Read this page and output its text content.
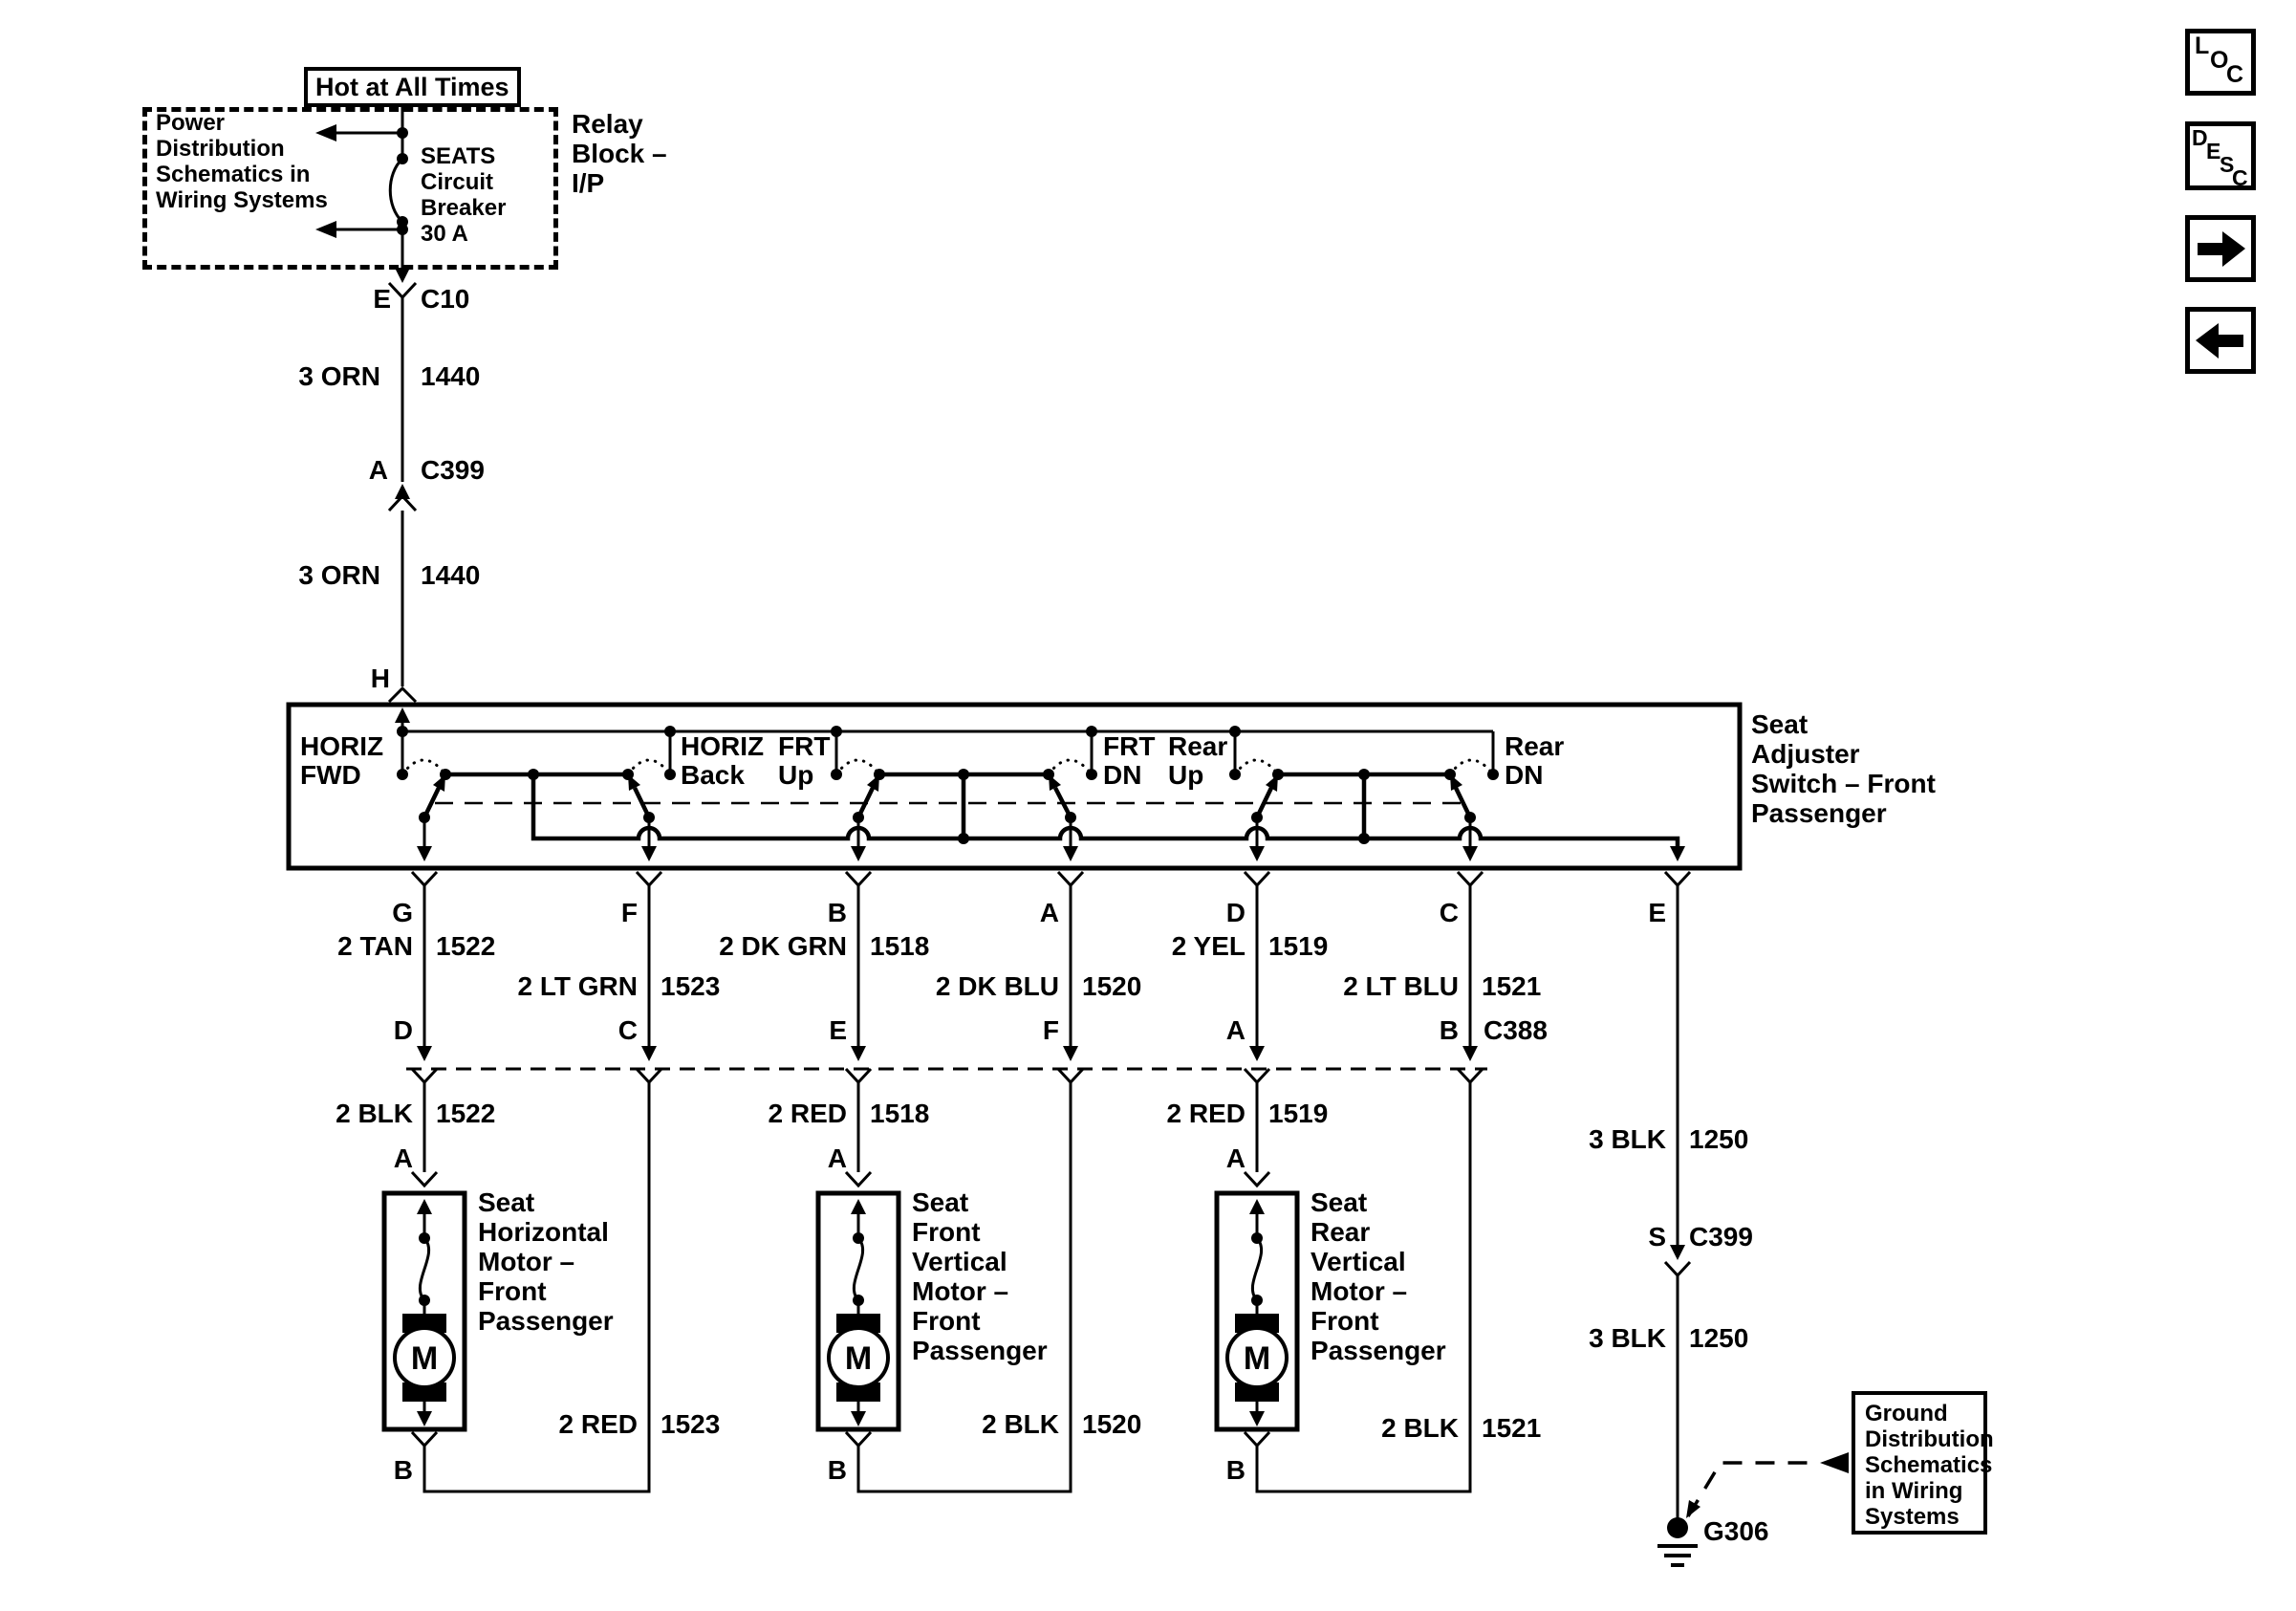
M	M	M
Hot at All Times
Power
Distribution
Schematics in
Wiring Systems
Relay
Block –
I/P
SEATS
Circuit
Breaker
30 A
E C10
3 ORN 1440
A C399
3 ORN 1440
H
HORIZ
FWD
HORIZ
Back
FRT
Up
FRT
DN
Rear
Up
Rear
DN
Seat
Adjuster
Switch – Front
Passenger
G	F	B	A	D	C	E
2 TAN 1522	2 DK GRN 1518	2 YEL 1519
2 LT GRN 1523	2 DK BLU 1520	2 LT BLU 1521
D	C	E	F	A	B C388
2 BLK 1522	2 RED 1518	2 RED 1519
A	A	A
Seat
Horizontal
Motor –
Front
Passenger
Seat
Front
Vertical
Motor –
Front
Passenger
Seat
Rear
Vertical
Motor –
Front
Passenger
B	B	B
2 RED 1523	2 BLK 1520	2 BLK 1521
3 BLK 1250
S C399
3 BLK 1250
G306
Ground
Distribution
Schematics
in Wiring
Systems
L
O
C
D
E
S
C
